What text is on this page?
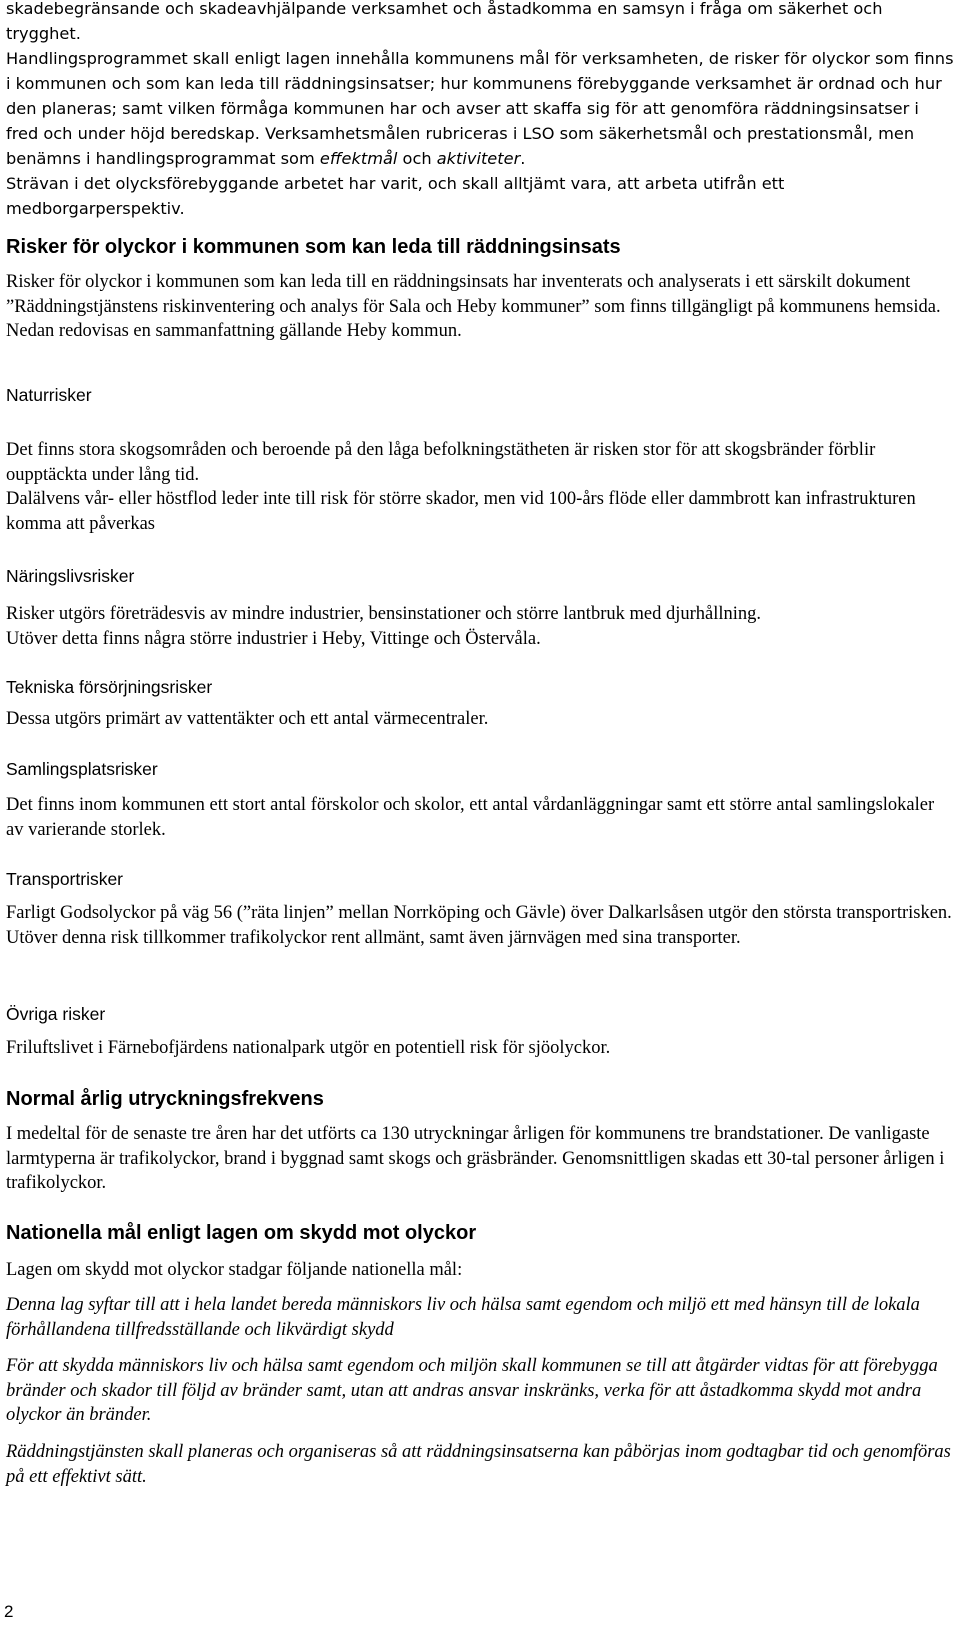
skadebegränsande och skadeavhjälpande verksamhet och åstadkomma en samsyn i fråga om säkerhet och trygghet.

Handlingsprogrammet skall enligt lagen innehålla kommunens mål för verksamheten, de risker för olyckor som finns i kommunen och som kan leda till räddningsinsatser; hur kommunens förebyggande verksamhet är ordnad och hur den planeras; samt vilken förmåga kommunen har och avser att skaffa sig för att genomföra räddningsinsatser i fred och under höjd beredskap. Verksamhetsmålen rubriceras i LSO som säkerhetsmål och prestationsmål, men benämns i handlingsprogrammat som effektmål och aktiviteter.

Strävan i det olycksförebyggande arbetet har varit, och skall alltjämt vara, att arbeta utifrån ett medborgarperspektiv.

Risker för olyckor i kommunen som kan leda till räddningsinsats

Risker för olyckor i kommunen som kan leda till en räddningsinsats har inventerats och analyserats i ett särskilt dokument ”Räddningstjänstens riskinventering och analys för Sala och Heby kommuner” som finns tillgängligt på kommunens hemsida.

Nedan redovisas en sammanfattning gällande Heby kommun.

Naturrisker

Det finns stora skogsområden och beroende på den låga befolkningstätheten är risken stor för att skogsbränder förblir oupptäckta under lång tid.

Dalälvens vår- eller höstflod leder inte till risk för större skador, men vid 100-års flöde eller dammbrott kan infrastrukturen komma att påverkas

Näringslivsrisker

Risker utgörs företrädesvis av mindre industrier, bensinstationer och större lantbruk med djurhållning.

Utöver detta finns några större industrier i Heby, Vittinge och Östervåla.

Tekniska försörjningsrisker

Dessa utgörs primärt av vattentäkter och ett antal värmecentraler.

Samlingsplatsrisker

Det finns inom kommunen ett stort antal förskolor och skolor, ett antal vårdanläggningar samt ett större antal samlingslokaler av varierande storlek.

Transportrisker

Farligt Godsolyckor på väg 56 (”räta linjen” mellan Norrköping och Gävle) över Dalkarlsåsen utgör den största transportrisken.

Utöver denna risk tillkommer trafikolyckor rent allmänt, samt även järnvägen med sina transporter.

Övriga risker

Friluftslivet i Färnebofjärdens nationalpark utgör en potentiell risk för sjöolyckor.

Normal årlig utryckningsfrekvens

I medeltal för de senaste tre åren har det utförts ca 130 utryckningar årligen för kommunens tre brandstationer. De vanligaste larmtyperna är trafikolyckor, brand i byggnad samt skogs och gräsbränder. Genomsnittligen skadas ett 30-tal personer årligen i trafikolyckor.

Nationella mål enligt lagen om skydd mot olyckor

Lagen om skydd mot olyckor stadgar följande nationella mål:

Denna lag syftar till att i hela landet bereda människors liv och hälsa samt egendom och miljö ett med hänsyn till de lokala förhållandena tillfredsställande och likvärdigt skydd
För att skydda människors liv och hälsa samt egendom och miljön skall kommunen se till att åtgärder vidtas för att förebygga bränder och skador till följd av bränder samt, utan att andras ansvar inskränks, verka för att åstadkomma skydd mot andra olyckor än bränder.
Räddningstjänsten skall planeras och organiseras så att räddningsinsatserna kan påbörjas inom godtagbar tid och genomföras på ett effektivt sätt.
2
